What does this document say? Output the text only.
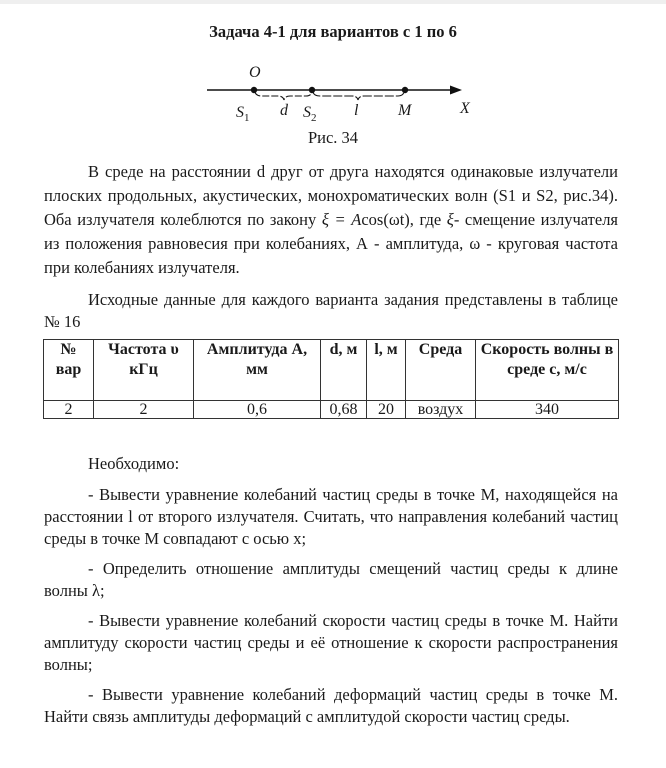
Задача 4-1 для вариантов с 1 по 6
O
$S_1$ d $S_2$ l M	X
Рис. 34
В среде на расстоянии d друг от друга находятся одинаковые излучатели плоских продольных, акустических, монохроматических волн (S1 и S2, рис.34). Оба излучателя колеблются по закону ξ = Acos(ωt), где ξ- смещение излучателя из положения равновесия при колебаниях, А - амплитуда, ω - круговая частота при колебаниях излучателя.
Исходные данные для каждого варианта задания представлены в таблице № 16
№ вар	Частота υ кГц	Амплитуда А, мм	d, м	l, м	Среда	Скорость волны в среде с, м/с
2	2	0,6	0,68	20	воздух	340
Необходимо:
- Вывести уравнение колебаний частиц среды в точке М, находящейся на расстоянии l от второго излучателя. Считать, что направления колебаний частиц среды в точке М совпадают с осью х;
- Определить отношение амплитуды смещений частиц среды к длине волны λ;
- Вывести уравнение колебаний скорости частиц среды в точке М. Найти амплитуду скорости частиц среды и её отношение к скорости распространения волны;
- Вывести уравнение колебаний деформаций частиц среды в точке М. Найти связь амплитуды деформаций с амплитудой скорости частиц среды.
